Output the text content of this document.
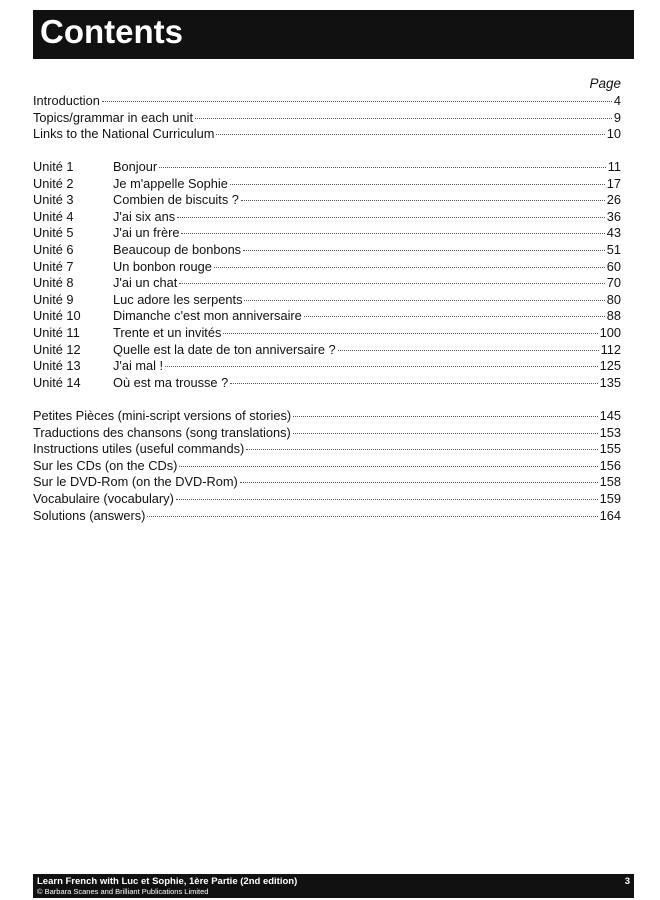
Contents
Page
Introduction	4
Topics/grammar in each unit	9
Links to the National Curriculum	10
Unité 1	Bonjour	11
Unité 2	Je m'appelle Sophie	17
Unité 3	Combien de biscuits ?	26
Unité 4	J'ai six ans	36
Unité 5	J'ai un frère	43
Unité 6	Beaucoup de bonbons	51
Unité 7	Un bonbon rouge	60
Unité 8	J'ai un chat	70
Unité 9	Luc adore les serpents	80
Unité 10	Dimanche c'est mon anniversaire	88
Unité 11	Trente et un invités	100
Unité 12	Quelle est la date de ton anniversaire ?	112
Unité 13	J'ai mal !	125
Unité 14	Où est ma trousse ?	135
Petites Pièces (mini-script versions of stories)	145
Traductions des chansons (song translations)	153
Instructions utiles (useful commands)	155
Sur les CDs (on the CDs)	156
Sur le DVD-Rom (on the DVD-Rom)	158
Vocabulaire (vocabulary)	159
Solutions (answers)	164
Learn French with Luc et Sophie, 1ère Partie (2nd edition)
© Barbara Scanes and Brilliant Publications Limited
3
